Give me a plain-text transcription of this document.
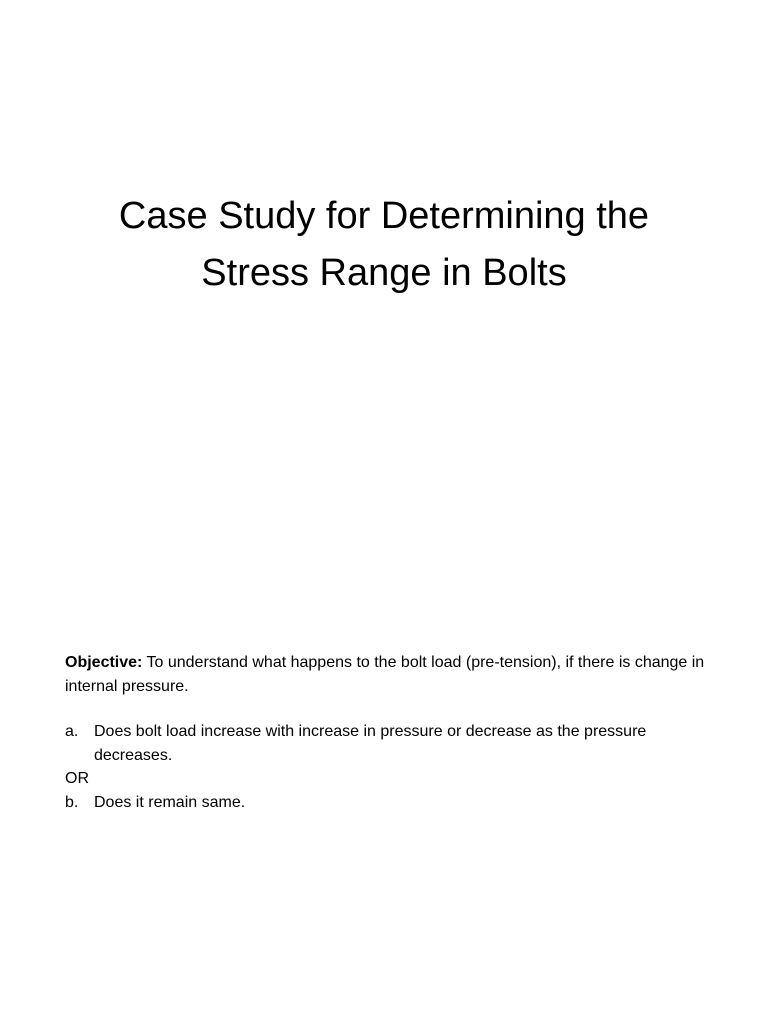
Case Study for Determining the
Stress Range in Bolts

Objective: To understand what happens to the bolt load (pre-tension), if there is change in internal pressure.

a. Does bolt load increase with increase in pressure or decrease as the pressure decreases.

OR

b. Does it remain same.
